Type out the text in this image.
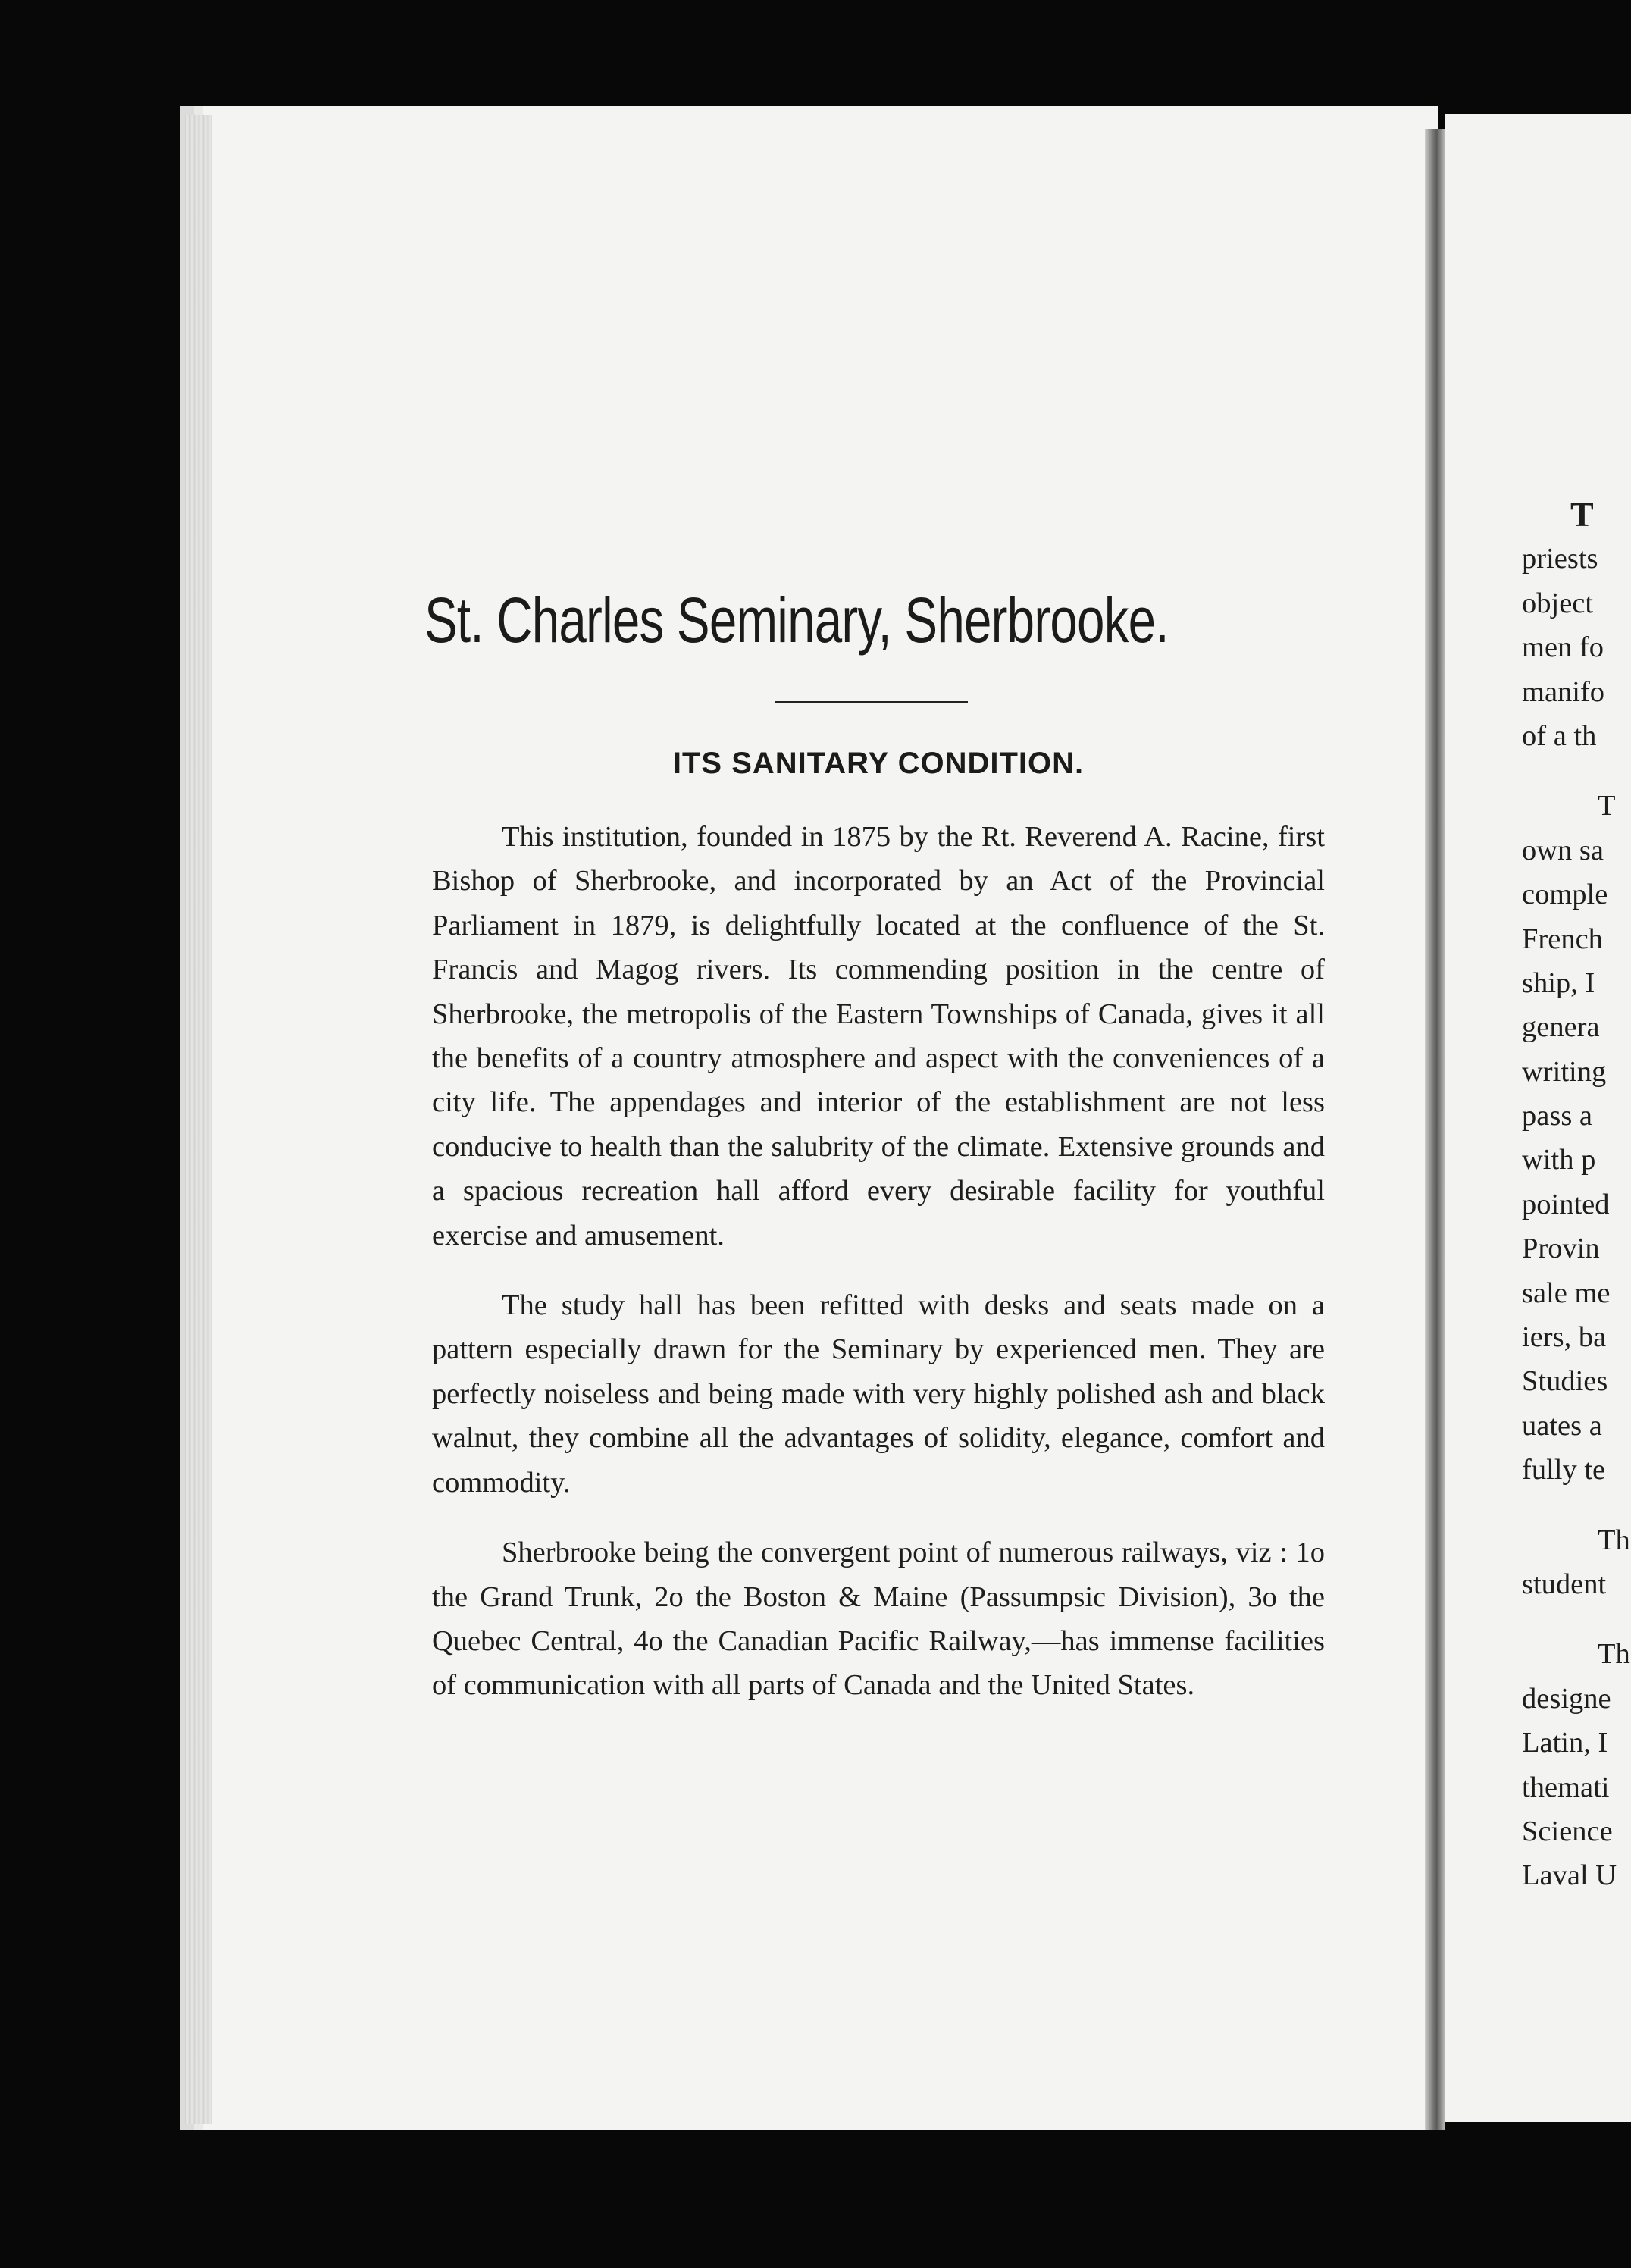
St. Charles Seminary, Sherbrooke.
ITS SANITARY CONDITION.

This institution, founded in 1875 by the Rt. Reverend A. Racine, first Bishop of Sherbrooke, and incorporated by an Act of the Provincial Parliament in 1879, is delightfully located at the confluence of the St. Francis and Magog rivers. Its commending position in the centre of Sherbrooke, the metropolis of the Eastern Townships of Canada, gives it all the benefits of a country atmosphere and aspect with the conveniences of a city life. The appendages and interior of the establishment are not less conducive to health than the salubrity of the climate. Extensive grounds and a spacious recreation hall afford every desirable facility for youthful exercise and amusement.

The study hall has been refitted with desks and seats made on a pattern especially drawn for the Seminary by experienced men. They are perfectly noiseless and being made with very highly polished ash and black walnut, they combine all the advantages of solidity, elegance, comfort and commodity.

Sherbrooke being the convergent point of numerous railways, viz : 1o the Grand Trunk, 2o the Boston & Maine (Passumpsic Division), 3o the Quebec Central, 4o the Canadian Pacific Railway,—has immense facilities of communication with all parts of Canada and the United States.

T
priests
object
men fo
manifo
of a th
T
own sa
comple
French
ship, I
genera
writing
pass a
with p
pointed
Provin
sale me
iers, ba
Studies
uates a
fully te
Th
student
Th
designe
Latin, I
themati
Science
Laval U
